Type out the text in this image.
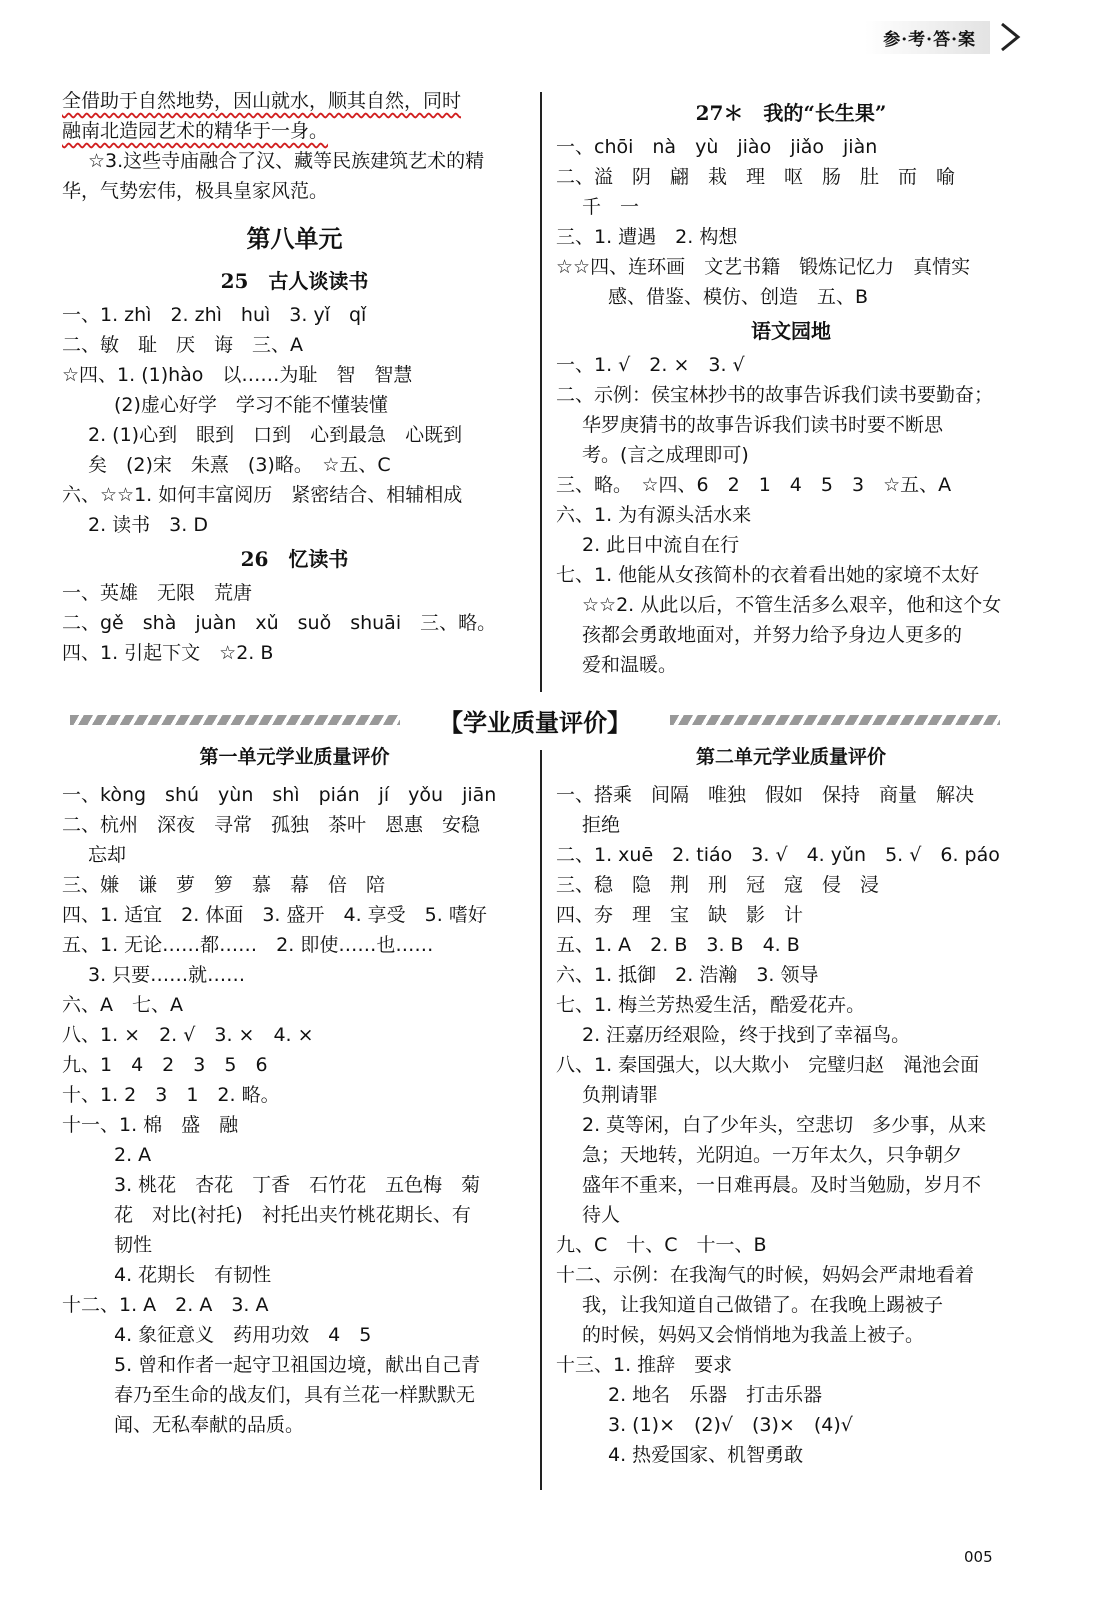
参·考·答·案
全借助于自然地势，因山就水，顺其自然，同时
融南北造园艺术的精华于一身。
☆3.这些寺庙融合了汉、藏等民族建筑艺术的精
华，气势宏伟，极具皇家风范。
第八单元
25　古人谈读书
一、1. zhì　2. zhì　huì　3. yǐ　qǐ
二、敏　耻　厌　诲　三、A
☆四、1. (1)hào　以……为耻　智　智慧
(2)虚心好学　学习不能不懂装懂
2. (1)心到　眼到　口到　心到最急　心既到
矣　(2)宋　朱熹　(3)略。　☆五、C
六、☆☆1. 如何丰富阅历　紧密结合、相辅相成
2. 读书　3. D
26　忆读书
一、英雄　无限　荒唐
二、gě　shà　juàn　xǔ　suǒ　shuāi　三、略。
四、1. 引起下文　☆2. B
27＊　我的“长生果”
一、chōi　nà　yù　jiào　jiǎo　jiàn
二、溢　阴　翩　栽　理　呕　肠　肚　而　喻
千　一
三、1. 遭遇　2. 构想
☆☆四、连环画　文艺书籍　锻炼记忆力　真情实
感、借鉴、模仿、创造　五、B
语文园地
一、1. √　2. ×　3. √
二、示例：侯宝林抄书的故事告诉我们读书要勤奋；
华罗庚猜书的故事告诉我们读书时要不断思
考。(言之成理即可)
三、略。　☆四、6　2　1　4　5　3　☆五、A
六、1. 为有源头活水来
2. 此日中流自在行
七、1. 他能从女孩简朴的衣着看出她的家境不太好
☆☆2. 从此以后，不管生活多么艰辛，他和这个女
孩都会勇敢地面对，并努力给予身边人更多的
爱和温暖。
【学业质量评价】
第一单元学业质量评价
一、kòng　shú　yùn　shì　pián　jí　yǒu　jiān
二、杭州　深夜　寻常　孤独　茶叶　恩惠　安稳
忘却
三、嫌　谦　萝　箩　慕　幕　倍　陪
四、1. 适宜　2. 体面　3. 盛开　4. 享受　5. 嗜好
五、1. 无论……都……　2. 即使……也……
3. 只要……就……
六、A　七、A
八、1. ×　2. √　3. ×　4. ×
九、1　4　2　3　5　6
十、1. 2　3　1　2. 略。
十一、1. 棉　盛　融
2. A
3. 桃花　杏花　丁香　石竹花　五色梅　菊
花　对比(衬托)　衬托出夹竹桃花期长、有
韧性
4. 花期长　有韧性
十二、1. A　2. A　3. A
4. 象征意义　药用功效　4　5
5. 曾和作者一起守卫祖国边境，献出自己青
春乃至生命的战友们，具有兰花一样默默无
闻、无私奉献的品质。
第二单元学业质量评价
一、搭乘　间隔　唯独　假如　保持　商量　解决
拒绝
二、1. xuē　2. tiáo　3. √　4. yǔn　5. √　6. páo
三、稳　隐　荆　刑　冠　寇　侵　浸
四、夯　理　宝　缺　影　计
五、1. A　2. B　3. B　4. B
六、1. 抵御　2. 浩瀚　3. 领导
七、1. 梅兰芳热爱生活，酷爱花卉。
2. 汪嘉历经艰险，终于找到了幸福鸟。
八、1. 秦国强大，以大欺小　完璧归赵　渑池会面
负荆请罪
2. 莫等闲，白了少年头，空悲切　多少事，从来
急；天地转，光阴迫。一万年太久，只争朝夕
盛年不重来，一日难再晨。及时当勉励，岁月不
待人
九、C　十、C　十一、B
十二、示例：在我淘气的时候，妈妈会严肃地看着
我，让我知道自己做错了。在我晚上踢被子
的时候，妈妈又会悄悄地为我盖上被子。
十三、1. 推辞　要求
2. 地名　乐器　打击乐器
3. (1)×　(2)√　(3)×　(4)√
4. 热爱国家、机智勇敢
005
